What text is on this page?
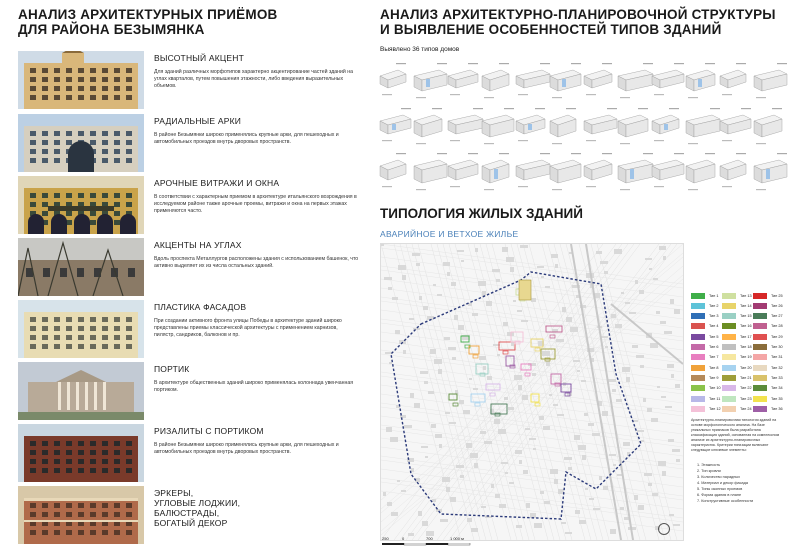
АНАЛИЗ АРХИТЕКТУРНЫХ ПРИЁМОВ
ДЛЯ РАЙОНА БЕЗЫМЯНКА
ВЫСОТНЫЙ АКЦЕНТ
Для зданий различных морфотипов характерно акцентирование частей зданий на углах кварталов, путем повышения этажности, либо введения выразительных объемов.
РАДИАЛЬНЫЕ АРКИ
В районе Безымянки широко применялись крупные арки, для пешеходных и автомобильных проездов внутрь дворовых пространств.
АРОЧНЫЕ ВИТРАЖИ И ОКНА
В соответствии с характерным приемом в архитектуре итальянского возрождения в исследуемом районе также арочные проемы, витражи и окна на первых этажах применяются часто.
АКЦЕНТЫ НА УГЛАХ
Вдоль проспекта Металлургов расположены здания с использованием башенок, что активно выделяет их из числа остальных зданий.
ПЛАСТИКА ФАСАДОВ
При создании активного фронта улицы Победы в архитектуре зданий широко представлены приемы классической архитектуры с применением карнизов, пилястр, сандриков, балконов и пр.
ПОРТИК
В архитектуре общественных зданий широко применялась колоннада увенчанная портиком.
РИЗАЛИТЫ С ПОРТИКОМ
В районе Безымянки широко применялись крупные арки, для пешеходных и автомобильных проездов внутрь дворовых пространств.
ЭРКЕРЫ,
УГЛОВЫЕ ЛОДЖИИ,
БАЛЮСТРАДЫ,
БОГАТЫЙ ДЕКОР
АНАЛИЗ АРХИТЕКТУРНО-ПЛАНИРОВОЧНОЙ СТРУКТУРЫ
И ВЫЯВЛЕНИЕ ОСОБЕННОСТЕЙ ТИПОВ ЗДАНИЙ
Выявлено 36 типов домов
ТИПОЛОГИЯ ЖИЛЫХ ЗДАНИЙ
АВАРИЙНОЕ И ВЕТХОЕ ЖИЛЬЕ
Тип 1
Тип 2
Тип 3
Тип 4
Тип 5
Тип 6
Тип 7
Тип 8
Тип 9
Тип 10
Тип 11
Тип 12
Тип 13
Тип 14
Тип 15
Тип 16
Тип 17
Тип 18
Тип 19
Тип 20
Тип 21
Тип 22
Тип 23
Тип 24
Тип 25
Тип 26
Тип 27
Тип 28
Тип 29
Тип 30
Тип 31
Тип 32
Тип 33
Тип 34
Тип 35
Тип 36
Архитектурно-планировочная типология зданий на основе морфологического анализа. На базе уникальных признаков была разработана классификация зданий, основанная на комплексном анализе их архитектурно-планировочных характеристик. Критерии типизации включают следующие ключевые элементы:
1. Этажность
2. Тип кровли
3. Количество парадных
4. Материал и декор фасада
5. Типы оконных проемов
6. Форма здания в плане
7. Конструктивные особенности
250	0	700	1 000 м
